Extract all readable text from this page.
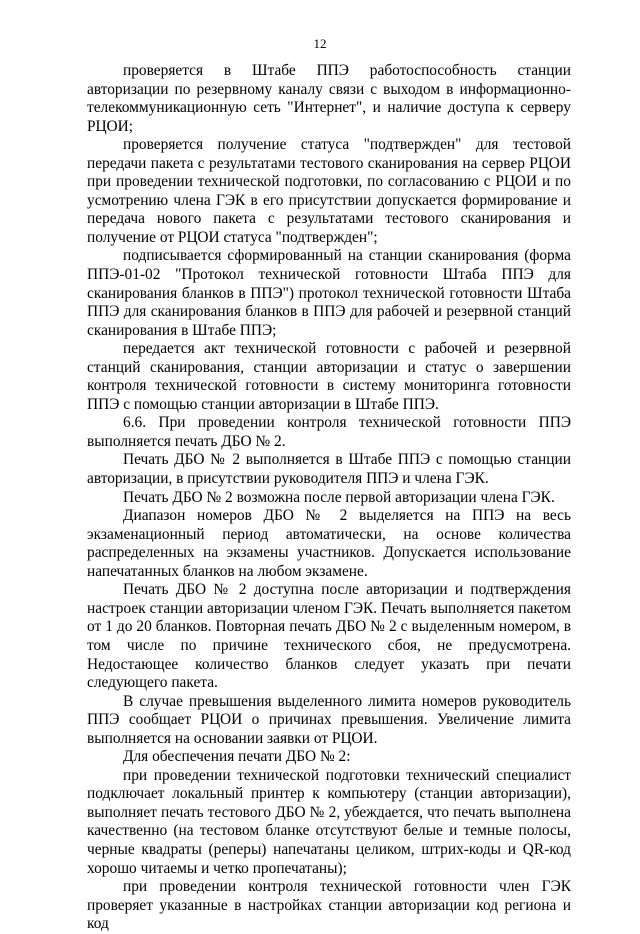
12

проверяется в Штабе ППЭ работоспособность станции авторизации по резервному каналу связи с выходом в информационно-телекоммуникационную сеть "Интернет", и наличие доступа к серверу РЦОИ;

проверяется получение статуса "подтвержден" для тестовой передачи пакета с результатами тестового сканирования на сервер РЦОИ при проведении технической подготовки, по согласованию с РЦОИ и по усмотрению члена ГЭК в его присутствии допускается формирование и передача нового пакета с результатами тестового сканирования и получение от РЦОИ статуса "подтвержден";

подписывается сформированный на станции сканирования (форма ППЭ-01-02 "Протокол технической готовности Штаба ППЭ для сканирования бланков в ППЭ") протокол технической готовности Штаба ППЭ для сканирования бланков в ППЭ для рабочей и резервной станций сканирования в Штабе ППЭ;

передается акт технической готовности с рабочей и резервной станций сканирования, станции авторизации и статус о завершении контроля технической готовности в систему мониторинга готовности ППЭ с помощью станции авторизации в Штабе ППЭ.

6.6. При проведении контроля технической готовности ППЭ выполняется печать ДБО № 2.

Печать ДБО № 2 выполняется в Штабе ППЭ с помощью станции авторизации, в присутствии руководителя ППЭ и члена ГЭК.

Печать ДБО № 2 возможна после первой авторизации члена ГЭК.

Диапазон номеров ДБО № 2 выделяется на ППЭ на весь экзаменационный период автоматически, на основе количества распределенных на экзамены участников. Допускается использование напечатанных бланков на любом экзамене.

Печать ДБО № 2 доступна после авторизации и подтверждения настроек станции авторизации членом ГЭК. Печать выполняется пакетом от 1 до 20 бланков. Повторная печать ДБО № 2 с выделенным номером, в том числе по причине технического сбоя, не предусмотрена. Недостающее количество бланков следует указать при печати следующего пакета.

В случае превышения выделенного лимита номеров руководитель ППЭ сообщает РЦОИ о причинах превышения. Увеличение лимита выполняется на основании заявки от РЦОИ.

Для обеспечения печати ДБО № 2:

при проведении технической подготовки технический специалист подключает локальный принтер к компьютеру (станции авторизации), выполняет печать тестового ДБО № 2, убеждается, что печать выполнена качественно (на тестовом бланке отсутствуют белые и темные полосы, черные квадраты (реперы) напечатаны целиком, штрих-коды и QR-код хорошо читаемы и четко пропечатаны);

при проведении контроля технической готовности член ГЭК проверяет указанные в настройках станции авторизации код региона и код
